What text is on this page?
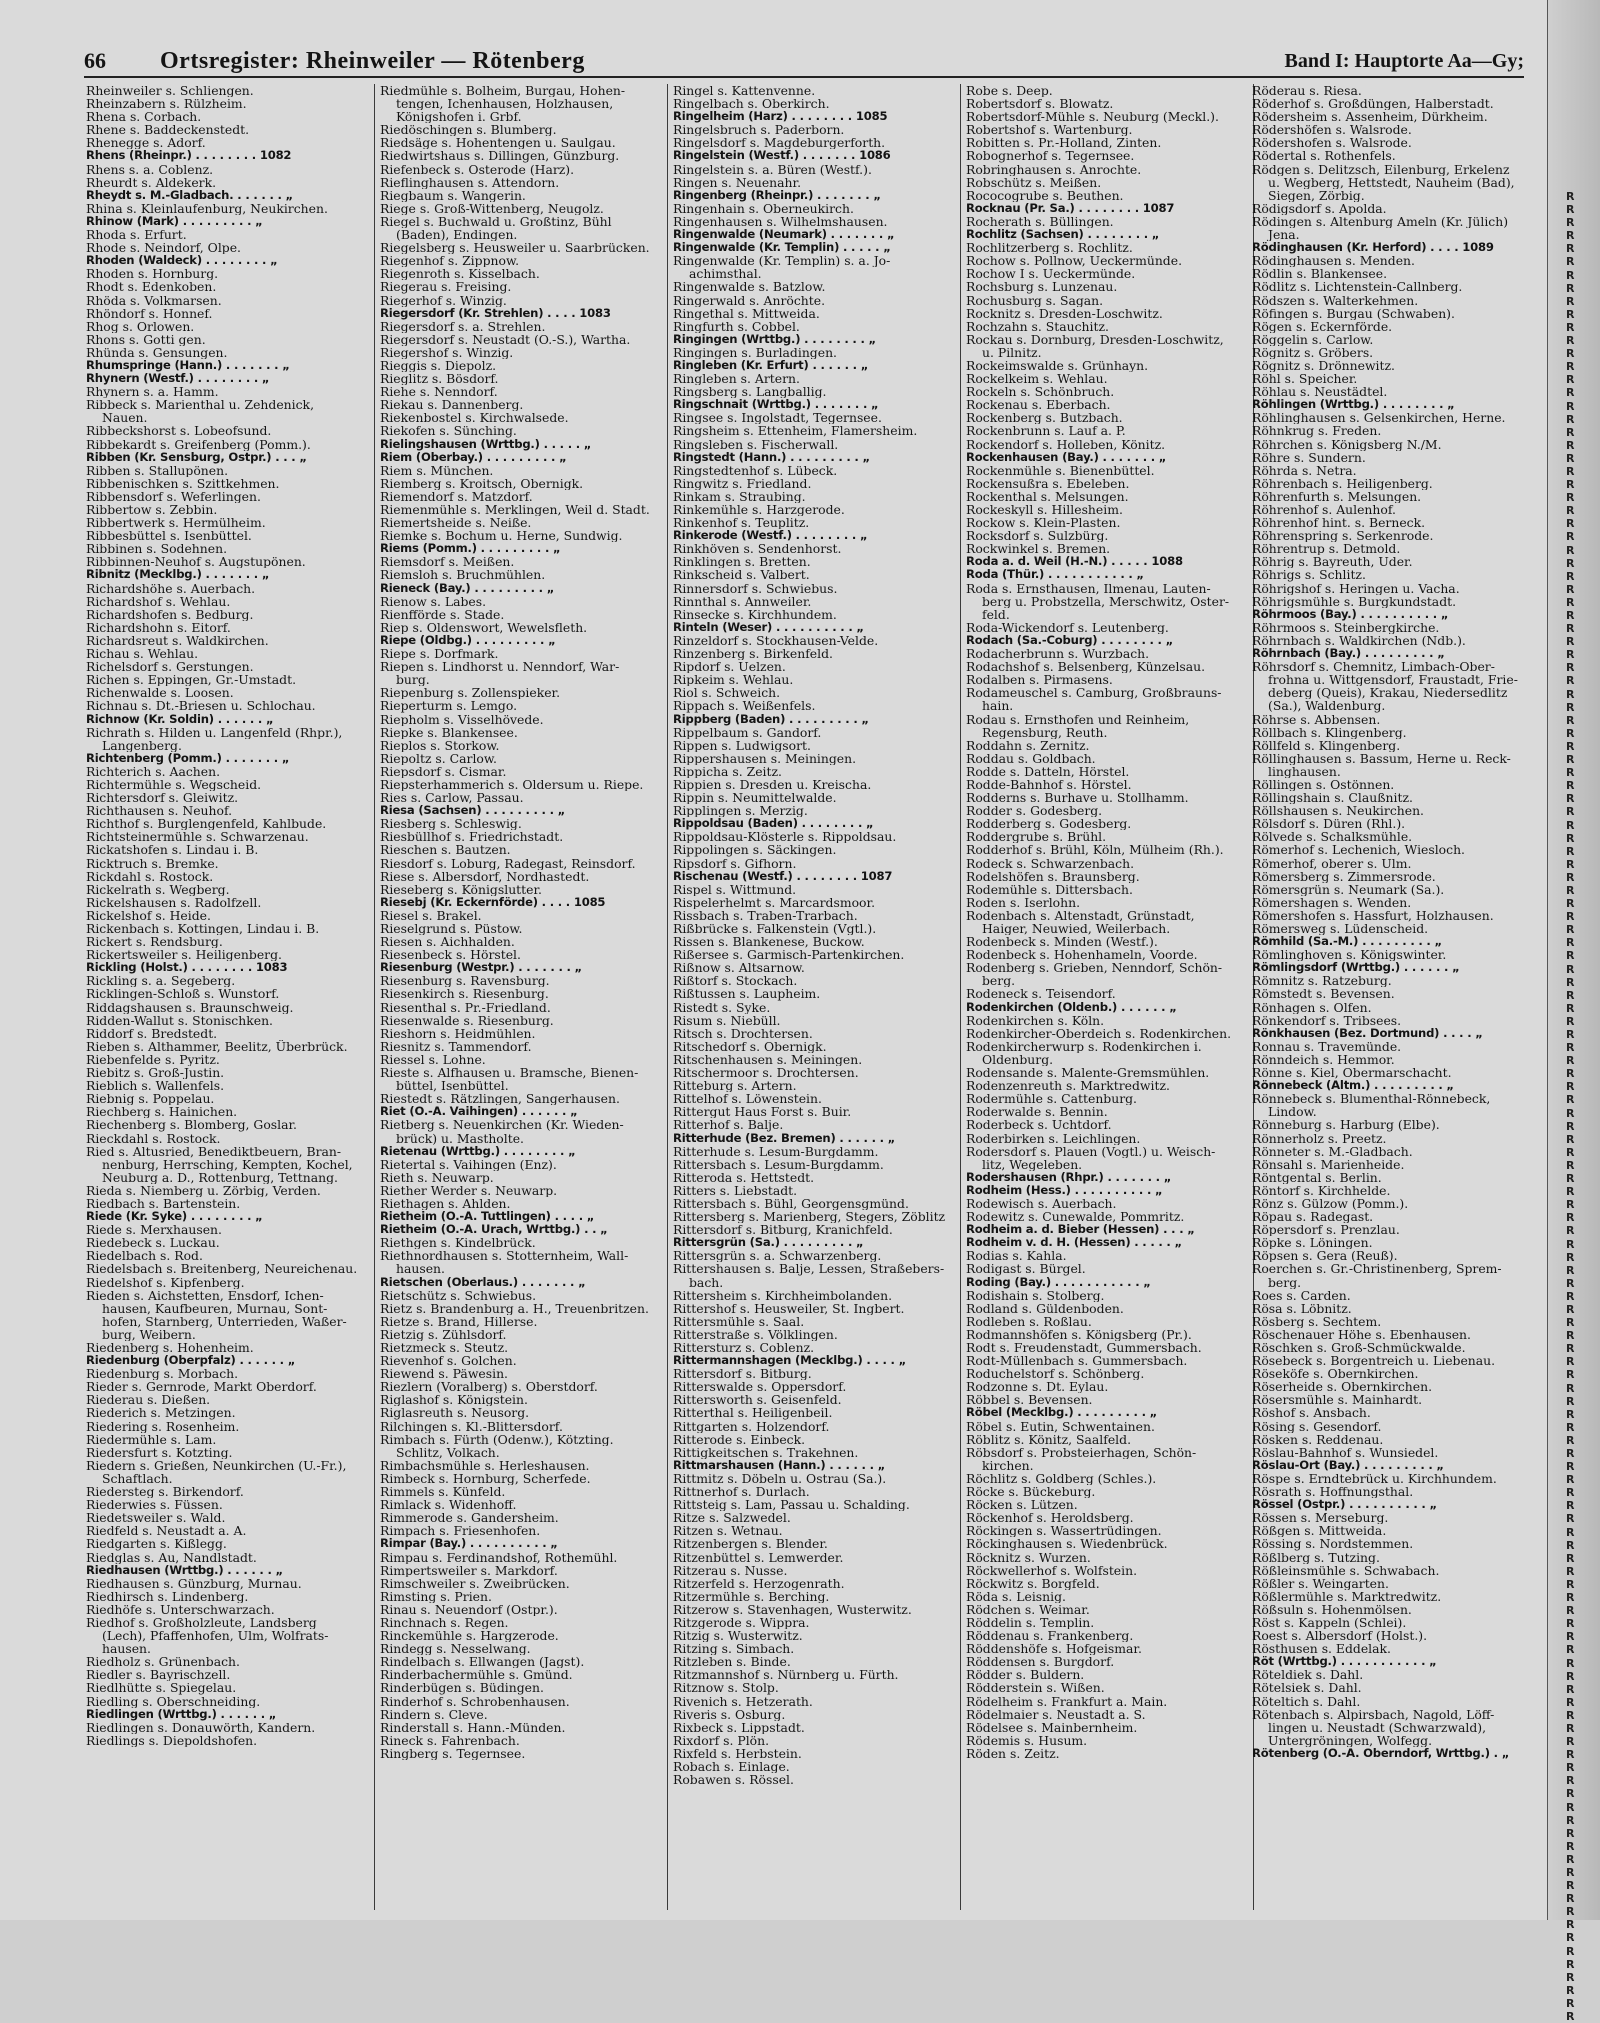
66 Ortsregister: Rheinweiler — Rötenberg	Band I: Hauptorte Aa—Gy;
Rheinweiler s. Schliengen.
Rheinzabern s. Rülzheim.
Rhena s. Corbach.
Rhene s. Baddeckenstedt.
Rhenegge s. Adorf.
Rhens (Rheinpr.) . . . . . . . . 1082
Rhens s. a. Coblenz.
Rheurdt s. Aldekerk.
Rheydt s. M.-Gladbach. . . . . . . „
Rhina s. Kleinlaufenburg, Neukirchen.
Rhinow (Mark) . . . . . . . . . „
Rhoda s. Erfurt.
Rhode s. Neindorf, Olpe.
Rhoden (Waldeck) . . . . . . . . „
Rhoden s. Hornburg.
Rhodt s. Edenkoben.
Rhöda s. Volkmarsen.
Rhöndorf s. Honnef.
Rhog s. Orlowen.
Rhons s. Gotti gen.
Rhünda s. Gensungen.
Rhumspringe (Hann.) . . . . . . . „
Rhynern (Westf.) . . . . . . . . „
Rhynern s. a. Hamm.
Ribbeck s. Marienthal u. Zehdenick,
Nauen.
Ribbeckshorst s. Lobeofsund.
Ribbekardt s. Greifenberg (Pomm.).
Ribben (Kr. Sensburg, Ostpr.) . . . „
Ribben s. Stallupönen.
Ribbenischken s. Szittkehmen.
Ribbensdorf s. Weferlingen.
Ribbertow s. Zebbin.
Ribbertwerk s. Hermülheim.
Ribbesbüttel s. Isenbüttel.
Ribbinen s. Sodehnen.
Ribbinnen-Neuhof s. Augstupönen.
Ribnitz (Mecklbg.) . . . . . . . „
Richardshöhe s. Auerbach.
Richardshof s. Wehlau.
Richardshofen s. Bedburg.
Richardshohn s. Eitorf.
Richardsreut s. Waldkirchen.
Richau s. Wehlau.
Richelsdorf s. Gerstungen.
Richen s. Eppingen, Gr.-Umstadt.
Richenwalde s. Loosen.
Richnau s. Dt.-Briesen u. Schlochau.
Richnow (Kr. Soldin) . . . . . . „
Richrath s. Hilden u. Langenfeld (Rhpr.),
Langenberg.
Richtenberg (Pomm.) . . . . . . . „
Richterich s. Aachen.
Richtermühle s. Wegscheid.
Richtersdorf s. Gleiwitz.
Richthausen s. Neuhof.
Richthof s. Burglengenfeld, Kahlbude.
Richtsteinermühle s. Schwarzenau.
Rickatshofen s. Lindau i. B.
Ricktruch s. Bremke.
Rickdahl s. Rostock.
Rickelrath s. Wegberg.
Rickelshausen s. Radolfzell.
Rickelshof s. Heide.
Rickenbach s. Kottingen, Lindau i. B.
Rickert s. Rendsburg.
Rickertsweiler s. Heiligenberg.
Rickling (Holst.) . . . . . . . . 1083
Rickling s. a. Segeberg.
Ricklingen-Schloß s. Wunstorf.
Riddagshausen s. Braunschweig.
Ridden-Wallut s. Stonischken.
Riddorf s. Bredstedt.
Rieben s. Althammer, Beelitz, Überbrück.
Riebenfelde s. Pyritz.
Riebitz s. Groß-Justin.
Rieblich s. Wallenfels.
Riebnig s. Poppelau.
Riechberg s. Hainichen.
Riechenberg s. Blomberg, Goslar.
Rieckdahl s. Rostock.
Ried s. Altusried, Benediktbeuern, Bran-
nenburg, Herrsching, Kempten, Kochel,
Neuburg a. D., Rottenburg, Tettnang.
Rieda s. Niemberg u. Zörbig, Verden.
Riedbach s. Bartenstein.
Riede (Kr. Syke) . . . . . . . . „
Riede s. Merxhausen.
Riedebeck s. Luckau.
Riedelbach s. Rod.
Riedelsbach s. Breitenberg, Neureichenau.
Riedelshof s. Kipfenberg.
Rieden s. Aichstetten, Ensdorf, Ichen-
hausen, Kaufbeuren, Murnau, Sont-
hofen, Starnberg, Unterrieden, Waßer-
burg, Weibern.
Riedenberg s. Hohenheim.
Riedenburg (Oberpfalz) . . . . . . „
Riedenburg s. Morbach.
Rieder s. Gernrode, Markt Oberdorf.
Riederau s. Dießen.
Riederich s. Metzingen.
Riedering s. Rosenheim.
Riedermühle s. Lam.
Riedersfurt s. Kotzting.
Riedern s. Grießen, Neunkirchen (U.-Fr.),
Schaftlach.
Riedersteg s. Birkendorf.
Riederwies s. Füssen.
Riedetsweiler s. Wald.
Riedfeld s. Neustadt a. A.
Riedgarten s. Kißlegg.
Riedglas s. Au, Nandlstadt.
Riedhausen (Wrttbg.) . . . . . . „
Riedhausen s. Günzburg, Murnau.
Riedhirsch s. Lindenberg.
Riedhöfe s. Unterschwarzach.
Riedhof s. Großholzleute, Landsberg
(Lech), Pfaffenhofen, Ulm, Wolfrats-
hausen.
Riedholz s. Grünenbach.
Riedler s. Bayrischzell.
Riedlhütte s. Spiegelau.
Riedling s. Oberschneiding.
Riedlingen (Wrttbg.) . . . . . . „
Riedlingen s. Donauwörth, Kandern.
Riedlings s. Diepoldshofen.
Riedmühle s. Bolheim, Burgau, Hohen-
tengen, Ichenhausen, Holzhausen,
Königshofen i. Grbf.
Riedöschingen s. Blumberg.
Riedsäge s. Hohentengen u. Saulgau.
Riedwirtshaus s. Dillingen, Günzburg.
Riefenbeck s. Osterode (Harz).
Rieflinghausen s. Attendorn.
Riegbaum s. Wangerin.
Riege s. Groß-Wittenberg, Neugolz.
Riegel s. Buchwald u. Großtinz, Bühl
(Baden), Endingen.
Riegelsberg s. Heusweiler u. Saarbrücken.
Riegenhof s. Zippnow.
Riegenroth s. Kisselbach.
Riegerau s. Freising.
Riegerhof s. Winzig.
Riegersdorf (Kr. Strehlen) . . . . 1083
Riegersdorf s. a. Strehlen.
Riegersdorf s. Neustadt (O.-S.), Wartha.
Riegershof s. Winzig.
Rieggis s. Diepolz.
Rieglitz s. Bösdorf.
Riehe s. Nenndorf.
Riekau s. Dannenberg.
Riekenbostel s. Kirchwalsede.
Riekofen s. Sünching.
Rielingshausen (Wrttbg.) . . . . . „
Riem (Oberbay.) . . . . . . . . . „
Riem s. München.
Riemberg s. Kroitsch, Obernigk.
Riemendorf s. Matzdorf.
Riemenmühle s. Merklingen, Weil d. Stadt.
Riemertsheide s. Neiße.
Riemke s. Bochum u. Herne, Sundwig.
Riems (Pomm.) . . . . . . . . . „
Riemsdorf s. Meißen.
Riemsloh s. Bruchmühlen.
Rieneck (Bay.) . . . . . . . . . „
Rienow s. Labes.
Rienfförde s. Stade.
Riep s. Oldenswort, Wewelsfleth.
Riepe (Oldbg.) . . . . . . . . . „
Riepe s. Dorfmark.
Riepen s. Lindhorst u. Nenndorf, War-
burg.
Riepenburg s. Zollenspieker.
Rieperturm s. Lemgo.
Riepholm s. Visselhövede.
Riepke s. Blankensee.
Rieplos s. Storkow.
Riepoltz s. Carlow.
Riepsdorf s. Cismar.
Riepsterhammerich s. Oldersum u. Riepe.
Ries s. Carlow, Passau.
Riesa (Sachsen) . . . . . . . . . „
Riesberg s. Schleswig.
Riesbüllhof s. Friedrichstadt.
Rieschen s. Bautzen.
Riesdorf s. Loburg, Radegast, Reinsdorf.
Riese s. Albersdorf, Nordhastedt.
Rieseberg s. Königslutter.
Riesebj (Kr. Eckernförde) . . . . 1085
Riesel s. Brakel.
Rieselgrund s. Püstow.
Riesen s. Aichhalden.
Riesenbeck s. Hörstel.
Riesenburg (Westpr.) . . . . . . . „
Riesenburg s. Ravensburg.
Riesenkirch s. Riesenburg.
Riesenthal s. Pr.-Friedland.
Riesenwalde s. Riesenburg.
Rieshorn s. Heidmühlen.
Riesnitz s. Tammendorf.
Riessel s. Lohne.
Rieste s. Alfhausen u. Bramsche, Bienen-
büttel, Isenbüttel.
Riestedt s. Rätzlingen, Sangerhausen.
Riet (O.-A. Vaihingen) . . . . . . „
Rietberg s. Neuenkirchen (Kr. Wieden-
brück) u. Mastholte.
Rietenau (Wrttbg.) . . . . . . . . „
Rietertal s. Vaihingen (Enz).
Rieth s. Neuwarp.
Riether Werder s. Neuwarp.
Riethagen s. Ahlden.
Rietheim (O.-A. Tuttlingen) . . . . „
Rietheim (O.-A. Urach, Wrttbg.) . . „
Riethgen s. Kindelbrück.
Riethnordhausen s. Stotternheim, Wall-
hausen.
Rietschen (Oberlaus.) . . . . . . . „
Rietschütz s. Schwiebus.
Rietz s. Brandenburg a. H., Treuenbritzen.
Rietze s. Brand, Hillerse.
Rietzig s. Zühlsdorf.
Rietzmeck s. Steutz.
Rievenhof s. Golchen.
Riewend s. Päwesin.
Riezlern (Voralberg) s. Oberstdorf.
Riglashof s. Königstein.
Riglasreuth s. Neusorg.
Rilchingen s. Kl.-Blittersdorf.
Rimbach s. Fürth (Odenw.), Kötzting.
Schlitz, Volkach.
Rimbachsmühle s. Herleshausen.
Rimbeck s. Hornburg, Scherfede.
Rimmels s. Künfeld.
Rimlack s. Widenhoff.
Rimmerode s. Gandersheim.
Rimpach s. Friesenhofen.
Rimpar (Bay.) . . . . . . . . . . „
Rimpau s. Ferdinandshof, Rothemühl.
Rimpertsweiler s. Markdorf.
Rimschweiler s. Zweibrücken.
Rimsting s. Prien.
Rinau s. Neuendorf (Ostpr.).
Rinchnach s. Regen.
Rinckemühle s. Hargzerode.
Rindegg s. Nesselwang.
Rindelbach s. Ellwangen (Jagst).
Rinderbachermühle s. Gmünd.
Rinderbügen s. Büdingen.
Rinderhof s. Schrobenhausen.
Rindern s. Cleve.
Rinderstall s. Hann.-Münden.
Rineck s. Fahrenbach.
Ringberg s. Tegernsee.
Ringel s. Kattenvenne.
Ringelbach s. Oberkirch.
Ringelheim (Harz) . . . . . . . . 1085
Ringelsbruch s. Paderborn.
Ringelsdorf s. Magdeburgerforth.
Ringelstein (Westf.) . . . . . . . 1086
Ringelstein s. a. Büren (Westf.).
Ringen s. Neuenahr.
Ringenberg (Rheinpr.) . . . . . . . „
Ringenhain s. Oberneukirch.
Ringenhausen s. Wilhelmshausen.
Ringenwalde (Neumark) . . . . . . . „
Ringenwalde (Kr. Templin) . . . . . „
Ringenwalde (Kr. Templin) s. a. Jo-
achimsthal.
Ringenwalde s. Batzlow.
Ringerwald s. Anröchte.
Ringethal s. Mittweida.
Ringfurth s. Cobbel.
Ringingen (Wrttbg.) . . . . . . . . „
Ringingen s. Burladingen.
Ringleben (Kr. Erfurt) . . . . . . „
Ringleben s. Artern.
Ringsberg s. Langballig.
Ringschnait (Wrttbg.) . . . . . . . „
Ringsee s. Ingolstadt, Tegernsee.
Ringsheim s. Ettenheim, Flamersheim.
Ringsleben s. Fischerwall.
Ringstedt (Hann.) . . . . . . . . . „
Ringstedtenhof s. Lübeck.
Ringwitz s. Friedland.
Rinkam s. Straubing.
Rinkemühle s. Harzgerode.
Rinkenhof s. Teuplitz.
Rinkerode (Westf.) . . . . . . . . „
Rinkhöven s. Sendenhorst.
Rinklingen s. Bretten.
Rinkscheid s. Valbert.
Rinnersdorf s. Schwiebus.
Rinnthal s. Annweiler.
Rinsecke s. Kirchhundem.
Rinteln (Weser) . . . . . . . . . . „
Rinzeldorf s. Stockhausen-Velde.
Rinzenberg s. Birkenfeld.
Ripdorf s. Uelzen.
Ripkeim s. Wehlau.
Riol s. Schweich.
Rippach s. Weißenfels.
Rippberg (Baden) . . . . . . . . . „
Rippelbaum s. Gandorf.
Rippen s. Ludwigsort.
Rippershausen s. Meiningen.
Rippicha s. Zeitz.
Rippien s. Dresden u. Kreischa.
Rippin s. Neumittelwalde.
Ripplingen s. Merzig.
Rippoldsau (Baden) . . . . . . . . „
Rippoldsau-Klösterle s. Rippoldsau.
Rippolingen s. Säckingen.
Ripsdorf s. Gifhorn.
Rischenau (Westf.) . . . . . . . . 1087
Rispel s. Wittmund.
Rispelerhelmt s. Marcardsmoor.
Rissbach s. Traben-Trarbach.
Rißbrücke s. Falkenstein (Vgtl.).
Rissen s. Blankenese, Buckow.
Rißersee s. Garmisch-Partenkirchen.
Rißnow s. Altsarnow.
Rißtorf s. Stockach.
Rißtussen s. Laupheim.
Ristedt s. Syke.
Risum s. Niebüll.
Ritsch s. Drochtersen.
Ritschedorf s. Obernigk.
Ritschenhausen s. Meiningen.
Ritschermoor s. Drochtersen.
Ritteburg s. Artern.
Rittelhof s. Löwenstein.
Rittergut Haus Forst s. Buir.
Ritterhof s. Balje.
Ritterhude (Bez. Bremen) . . . . . . „
Ritterhude s. Lesum-Burgdamm.
Rittersbach s. Lesum-Burgdamm.
Ritteroda s. Hettstedt.
Ritters s. Liebstadt.
Rittersbach s. Bühl, Georgensgmünd.
Rittersberg s. Marienberg, Stegers, Zöblitz
Rittersdorf s. Bitburg, Kranichfeld.
Rittersgrün (Sa.) . . . . . . . . . „
Rittersgrün s. a. Schwarzenberg.
Rittershausen s. Balje, Lessen, Straßebers-
bach.
Rittersheim s. Kirchheimbolanden.
Rittershof s. Heusweiler, St. Ingbert.
Rittersmühle s. Saal.
Ritterstraße s. Völklingen.
Rittersturz s. Coblenz.
Rittermannshagen (Mecklbg.) . . . . „
Rittersdorf s. Bitburg.
Ritterswalde s. Oppersdorf.
Rittersworth s. Geisenfeld.
Ritterthal s. Heiligenbeil.
Rittgarten s. Holzendorf.
Ritterode s. Einbeck.
Rittigkeitschen s. Trakehnen.
Rittmarshausen (Hann.) . . . . . . „
Rittmitz s. Döbeln u. Ostrau (Sa.).
Rittnerhof s. Durlach.
Rittsteig s. Lam, Passau u. Schalding.
Ritze s. Salzwedel.
Ritzen s. Wetnau.
Ritzenbergen s. Blender.
Ritzenbüttel s. Lemwerder.
Ritzerau s. Nusse.
Ritzerfeld s. Herzogenrath.
Ritzermühle s. Berching.
Ritzerow s. Stavenhagen, Wusterwitz.
Ritzgerode s. Wippra.
Ritzig s. Wusterwitz.
Ritzing s. Simbach.
Ritzleben s. Binde.
Ritzmannshof s. Nürnberg u. Fürth.
Ritznow s. Stolp.
Rivenich s. Hetzerath.
Riveris s. Osburg.
Rixbeck s. Lippstadt.
Rixdorf s. Plön.
Rixfeld s. Herbstein.
Robach s. Einlage.
Robawen s. Rössel.
Robe s. Deep.
Robertsdorf s. Blowatz.
Robertsdorf-Mühle s. Neuburg (Meckl.).
Robertshof s. Wartenburg.
Robitten s. Pr.-Holland, Zinten.
Robognerhof s. Tegernsee.
Robringhausen s. Anrochte.
Robschütz s. Meißen.
Rococogrube s. Beuthen.
Rocknau (Pr. Sa.) . . . . . . . . 1087
Rocherath s. Büllingen.
Rochlitz (Sachsen) . . . . . . . . „
Rochlitzerberg s. Rochlitz.
Rochow s. Pollnow, Ueckermünde.
Rochow I s. Ueckermünde.
Rochsburg s. Lunzenau.
Rochusburg s. Sagan.
Rocknitz s. Dresden-Loschwitz.
Rochzahn s. Stauchitz.
Rockau s. Dornburg, Dresden-Loschwitz,
u. Pilnitz.
Rockeimswalde s. Grünhayn.
Rockelkeim s. Wehlau.
Rockeln s. Schönbruch.
Rockenau s. Eberbach.
Rockenberg s. Butzbach.
Rockenbrunn s. Lauf a. P.
Rockendorf s. Holleben, Könitz.
Rockenhausen (Bay.) . . . . . . . „
Rockenmühle s. Bienenbüttel.
Rockensußra s. Ebeleben.
Rockenthal s. Melsungen.
Rockeskyll s. Hillesheim.
Rockow s. Klein-Plasten.
Rocksdorf s. Sulzbürg.
Rockwinkel s. Bremen.
Roda a. d. Weil (H.-N.) . . . . . 1088
Roda (Thür.) . . . . . . . . . . . „
Roda s. Ernsthausen, Ilmenau, Lauten-
berg u. Probstzella, Merschwitz, Oster-
feld.
Roda-Wickendorf s. Leutenberg.
Rodach (Sa.-Coburg) . . . . . . . . „
Rodacherbrunn s. Wurzbach.
Rodachshof s. Belsenberg, Künzelsau.
Rodalben s. Pirmasens.
Rodameuschel s. Camburg, Großbrauns-
hain.
Rodau s. Ernsthofen und Reinheim,
Regensburg, Reuth.
Roddahn s. Zernitz.
Roddau s. Goldbach.
Rodde s. Datteln, Hörstel.
Rodde-Bahnhof s. Hörstel.
Rodderns s. Burhave u. Stollhamm.
Rodder s. Godesberg.
Rodderberg s. Godesberg.
Roddergrube s. Brühl.
Rodderhof s. Brühl, Köln, Mülheim (Rh.).
Rodeck s. Schwarzenbach.
Rodelshöfen s. Braunsberg.
Rodemühle s. Dittersbach.
Roden s. Iserlohn.
Rodenbach s. Altenstadt, Grünstadt,
Haiger, Neuwied, Weilerbach.
Rodenbeck s. Minden (Westf.).
Rodenbeck s. Hohenhameln, Voorde.
Rodenberg s. Grieben, Nenndorf, Schön-
berg.
Rodeneck s. Teisendorf.
Rodenkirchen (Oldenb.) . . . . . . „
Rodenkirchen s. Köln.
Rodenkircher-Oberdeich s. Rodenkirchen.
Rodenkircherwurp s. Rodenkirchen i.
Oldenburg.
Rodensande s. Malente-Gremsmühlen.
Rodenzenreuth s. Marktredwitz.
Rodermühle s. Cattenburg.
Roderwalde s. Bennin.
Roderbeck s. Uchtdorf.
Roderbirken s. Leichlingen.
Rodersdorf s. Plauen (Vogtl.) u. Weisch-
litz, Wegeleben.
Rodershausen (Rhpr.) . . . . . . . „
Rodheim (Hess.) . . . . . . . . . . „
Rodewisch s. Auerbach.
Rodewitz s. Cunewalde, Pommritz.
Rodheim a. d. Bieber (Hessen) . . . „
Rodheim v. d. H. (Hessen) . . . . . „
Rodias s. Kahla.
Rodigast s. Bürgel.
Roding (Bay.) . . . . . . . . . . . „
Rodishain s. Stolberg.
Rodland s. Güldenboden.
Rodleben s. Roßlau.
Rodmannshöfen s. Königsberg (Pr.).
Rodt s. Freudenstadt, Gummersbach.
Rodt-Müllenbach s. Gummersbach.
Roduchelstorf s. Schönberg.
Rodzonne s. Dt. Eylau.
Röbbel s. Bevensen.
Röbel (Mecklbg.) . . . . . . . . . „
Röbel s. Eutin, Schwentainen.
Röblitz s. Könitz, Saalfeld.
Röbsdorf s. Probsteierhagen, Schön-
kirchen.
Röchlitz s. Goldberg (Schles.).
Röcke s. Bückeburg.
Röcken s. Lützen.
Röckenhof s. Heroldsberg.
Röckingen s. Wassertrüdingen.
Röckinghausen s. Wiedenbrück.
Röcknitz s. Wurzen.
Röckwellerhof s. Wolfstein.
Röckwitz s. Borgfeld.
Röda s. Leisnig.
Rödchen s. Weimar.
Röddelin s. Templin.
Röddenau s. Frankenberg.
Röddenshöfe s. Hofgeismar.
Röddensen s. Burgdorf.
Rödder s. Buldern.
Rödderstein s. Wißen.
Rödelheim s. Frankfurt a. Main.
Rödelmaier s. Neustadt a. S.
Rödelsee s. Mainbernheim.
Rödemis s. Husum.
Röden s. Zeitz.
Röderau s. Riesa.
Röderhof s. Großdüngen, Halberstadt.
Rödersheim s. Assenheim, Dürkheim.
Rödershöfen s. Walsrode.
Rödershofen s. Walsrode.
Rödertal s. Rothenfels.
Rödgen s. Delitzsch, Eilenburg, Erkelenz
u. Wegberg, Hettstedt, Nauheim (Bad),
Siegen, Zörbig.
Rödigsdorf s. Apolda.
Rödingen s. Altenburg Ameln (Kr. Jülich)
Jena.
Rödinghausen (Kr. Herford) . . . . 1089
Rödinghausen s. Menden.
Rödlin s. Blankensee.
Rödlitz s. Lichtenstein-Callnberg.
Rödszen s. Walterkehmen.
Röfingen s. Burgau (Schwaben).
Rögen s. Eckernförde.
Röggelin s. Carlow.
Rögnitz s. Gröbers.
Rögnitz s. Drönnewitz.
Röhl s. Speicher.
Röhlau s. Neustädtel.
Röhlingen (Wrttbg.) . . . . . . . . „
Röhlinghausen s. Gelsenkirchen, Herne.
Röhnkrug s. Freden.
Röhrchen s. Königsberg N./M.
Röhre s. Sundern.
Röhrda s. Netra.
Röhrenbach s. Heiligenberg.
Röhrenfurth s. Melsungen.
Röhrenhof s. Aulenhof.
Röhrenhof hint. s. Berneck.
Röhrenspring s. Serkenrode.
Röhrentrup s. Detmold.
Röhrig s. Bayreuth, Uder.
Röhrigs s. Schlitz.
Röhrigshof s. Heringen u. Vacha.
Röhrigsmühle s. Burgkundstadt.
Röhrmoos (Bay.) . . . . . . . . . . „
Röhrmoos s. Steinbergkirche.
Röhrnbach s. Waldkirchen (Ndb.).
Röhrnbach (Bay.) . . . . . . . . . „
Röhrsdorf s. Chemnitz, Limbach-Ober-
frohna u. Wittgensdorf, Fraustadt, Frie-
deberg (Queis), Krakau, Niedersedlitz
(Sa.), Waldenburg.
Röhrse s. Abbensen.
Röllbach s. Klingenberg.
Röllfeld s. Klingenberg.
Röllinghausen s. Bassum, Herne u. Reck-
linghausen.
Röllingen s. Ostönnen.
Röllingshain s. Claußnitz.
Röllshausen s. Neukirchen.
Rölsdorf s. Düren (Rhl.).
Rölvede s. Schalksmühle.
Römerhof s. Lechenich, Wiesloch.
Römerhof, oberer s. Ulm.
Römersberg s. Zimmersrode.
Römersgrün s. Neumark (Sa.).
Römershagen s. Wenden.
Römershofen s. Hassfurt, Holzhausen.
Römersweg s. Lüdenscheid.
Römhild (Sa.-M.) . . . . . . . . . „
Römlinghoven s. Königswinter.
Römlingsdorf (Wrttbg.) . . . . . . „
Römnitz s. Ratzeburg.
Römstedt s. Bevensen.
Rönhagen s. Olfen.
Rönkendorf s. Tribsees.
Rönkhausen (Bez. Dortmund) . . . . „
Ronnau s. Travemünde.
Rönndeich s. Hemmor.
Rönne s. Kiel, Obermarschacht.
Rönnebeck (Altm.) . . . . . . . . . „
Rönnebeck s. Blumenthal-Rönnebeck,
Lindow.
Rönneburg s. Harburg (Elbe).
Rönnerholz s. Preetz.
Rönneter s. M.-Gladbach.
Rönsahl s. Marienheide.
Röntgental s. Berlin.
Röntorf s. Kirchhelde.
Rönz s. Gülzow (Pomm.).
Röpau s. Radegast.
Röpersdorf s. Prenzlau.
Röpke s. Löningen.
Röpsen s. Gera (Reuß).
Roerchen s. Gr.-Christinenberg, Sprem-
berg.
Roes s. Carden.
Rösa s. Löbnitz.
Rösberg s. Sechtem.
Röschenauer Höhe s. Ebenhausen.
Röschken s. Groß-Schmückwalde.
Rösebeck s. Borgentreich u. Liebenau.
Röseköfe s. Obernkirchen.
Röserheide s. Obernkirchen.
Rösersmühle s. Mainhardt.
Röshof s. Ansbach.
Rösing s. Gesendorf.
Rösken s. Reddenau.
Röslau-Bahnhof s. Wunsiedel.
Röslau-Ort (Bay.) . . . . . . . . . „
Röspe s. Erndtebrück u. Kirchhundem.
Rösrath s. Hoffnungsthal.
Rössel (Ostpr.) . . . . . . . . . . „
Rössen s. Merseburg.
Rößgen s. Mittweida.
Rössing s. Nordstemmen.
Rößlberg s. Tutzing.
Rößleinsmühle s. Schwabach.
Rößler s. Weingarten.
Rößlermühle s. Marktredwitz.
Rößsuln s. Hohenmölsen.
Röst s. Kappeln (Schlei).
Roest s. Albersdorf (Holst.).
Rösthusen s. Eddelak.
Röt (Wrttbg.) . . . . . . . . . . . „
Röteldiek s. Dahl.
Rötelsiek s. Dahl.
Röteltich s. Dahl.
Rötenbach s. Alpirsbach, Nagold, Löff-
lingen u. Neustadt (Schwarzwald),
Untergröningen, Wolfegg.
Rötenberg (O.-A. Oberndorf, Wrttbg.) . „
R
R
R
R
R
R
R
R
R
R
R
R
R
R
R
R
R
R
R
R
R
R
R
R
R
R
R
R
R
R
R
R
R
R
R
R
R
R
R
R
R
R
R
R
R
R
R
R
R
R
R
R
R
R
R
R
R
R
R
R
R
R
R
R
R
R
R
R
R
R
R
R
R
R
R
R
R
R
R
R
R
R
R
R
R
R
R
R
R
R
R
R
R
R
R
R
R
R
R
R
R
R
R
R
R
R
R
R
R
R
R
R
R
R
R
R
R
R
R
R
R
R
R
R
R
R
R
R
R
R
R
R
R
R
R
R
R
R
R
R
